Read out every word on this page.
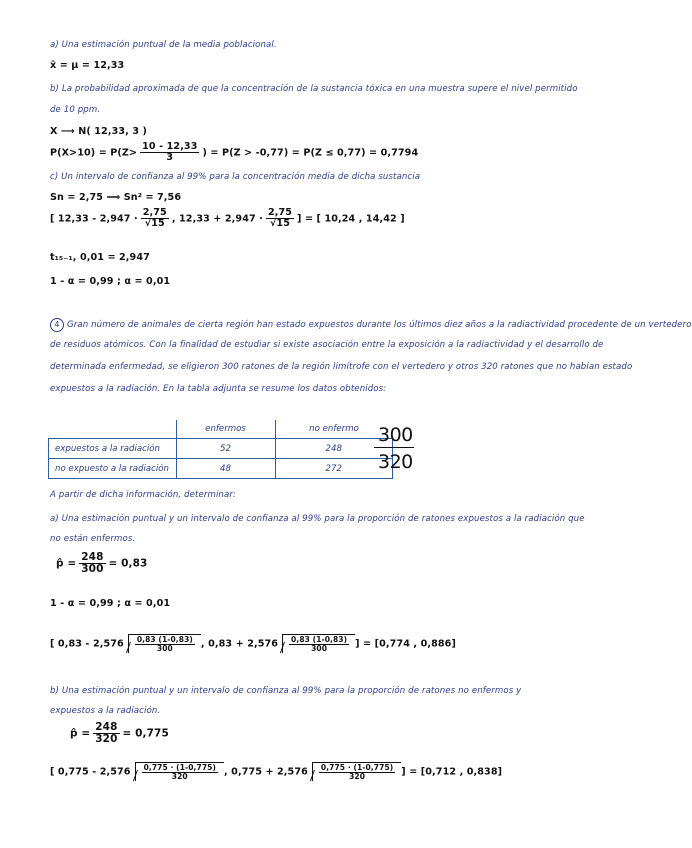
a) Una estimación puntual de la media poblacional.
x̄ = μ = 12,33
b) La probabilidad aproximada de que la concentración de la sustancia tóxica en una muestra supere el nivel permitido
de 10 ppm.
X ⟶ N( 12,33, 3 )
$P(X>10) = P(Z> \frac{10 - 12,33}{3}$ ) = P(Z > -0,77) = P(Z ≤ 0,77) = 0,7794
c) Un intervalo de confianza al 99% para la concentración media de dicha sustancia
Sn = 2,75 ⟹ Sn² = 7,56
[ $12,33 - 2,947 \cdot \frac{2,75}{√15}$ , $12,33 + 2,947 \cdot \frac{2,75}{√15}$ ] = [ 10,24 , 14,42 ]
t₁₅₋₁, 0,01 = 2,947
1 - α = 0,99 ; α = 0,01
4 Gran número de animales de cierta región han estado expuestos durante los últimos diez años a la radiactividad procedente de un vertedero
de residuos atómicos. Con la finalidad de estudiar si existe asociación entre la exposición a la radiactividad y el desarrollo de
determinada enfermedad, se eligieron 300 ratones de la región limítrofe con el vertedero y otros 320 ratones que no habían estado
expuestos a la radiación. En la tabla adjunta se resume los datos obtenidos:
	enfermos	no enfermo
expuestos a la radiación	52	248
no expuesto a la radiación	48	272
300
320
A partir de dicha información, determinar:
a) Una estimación puntual y un intervalo de confianza al 99% para la proporción de ratones expuestos a la radiación que
no están enfermos.
p̂ = $\frac{248}{300} = 0,83$
1 - α = 0,99 ; α = 0,01
[ $0,83 - 2,576 \frac{0,83 (1-0,83)}{300}$ , $0,83 + 2,576 \frac{0,83 (1-0,83)}{300}$ ] = [0,774 , 0,886]
b) Una estimación puntual y un intervalo de confianza al 99% para la proporción de ratones no enfermos y
expuestos a la radiación.
p̂ = $\frac{248}{320} = 0,775$
[ $0,775 - 2,576 \frac{0,775 \cdot (1-0,775)}{320}$ , $0,775 + 2,576 \frac{0,775 \cdot (1-0,775)}{320}$ ] = [0,712 , 0,838]
